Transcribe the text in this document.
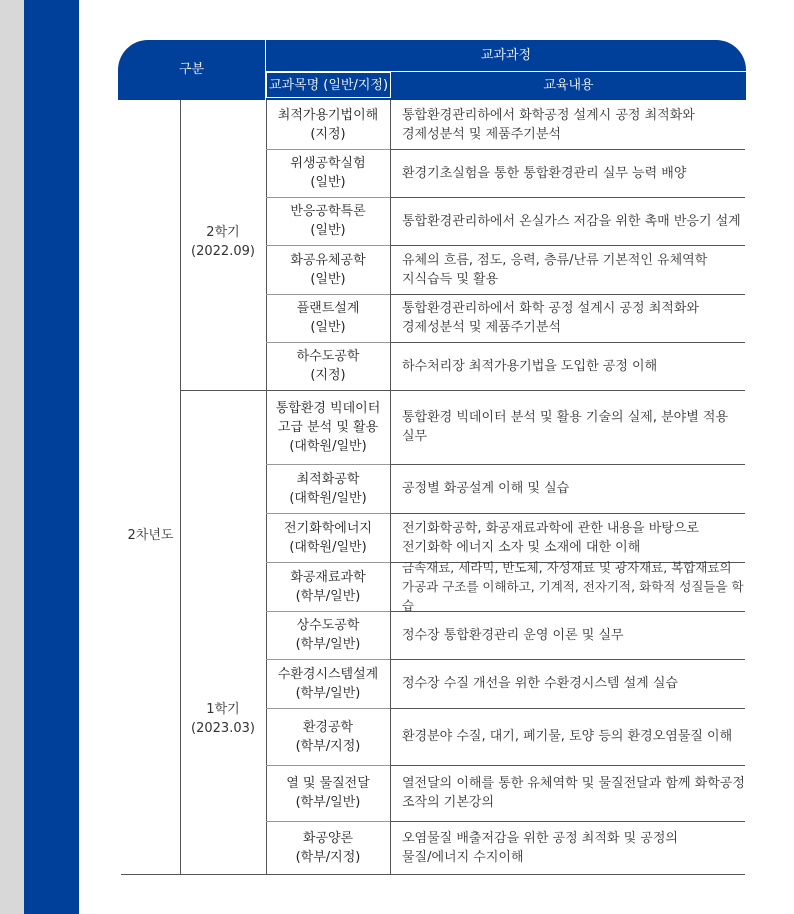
구분
교과과정
교과목명 (일반/지정)	교육내용
2차년도
2학기
(2022.09)
1학기
(2023.03)
최적가용기법이해
(지정)
통합환경관리하에서 화학공정 설계시 공정 최적화와
경제성분석 및 제품주기분석
위생공학실험
(일반)
환경기초실험을 통한 통합환경관리 실무 능력 배양
반응공학특론
(일반)
통합환경관리하에서 온실가스 저감을 위한 촉매 반응기 설계
화공유체공학
(일반)
유체의 흐름, 점도, 응력, 층류/난류 기본적인 유체역학
지식습득 및 활용
플랜트설계
(일반)
통합환경관리하에서 화학 공정 설계시 공정 최적화와
경제성분석 및 제품주기분석
하수도공학
(지정)
하수처리장 최적가용기법을 도입한 공정 이해
통합환경 빅데이터
고급 분석 및 활용
(대학원/일반)
통합환경 빅데이터 분석 및 활용 기술의 실제, 분야별 적용
실무
최적화공학
(대학원/일반)
공정별 화공설계 이해 및 실습
전기화학에너지
(대학원/일반)
전기화학공학, 화공재료과학에 관한 내용을 바탕으로
전기화학 에너지 소자 및 소재에 대한 이해
화공재료과학
(학부/일반)
금속재료, 세라믹, 반도체, 자성재료 및 광자재료, 복합재료의
가공과 구조를 이해하고, 기계적, 전자기적, 화학적 성질들을 학습
상수도공학
(학부/일반)
정수장 통합환경관리 운영 이론 및 실무
수환경시스템설계
(학부/일반)
정수장 수질 개선을 위한 수환경시스템 설계 실습
환경공학
(학부/지정)
환경분야 수질, 대기, 폐기물, 토양 등의 환경오염물질 이해
열 및 물질전달
(학부/일반)
열전달의 이해를 통한 유체역학 및 물질전달과 함께 화학공정
조작의 기본강의
화공양론
(학부/지정)
오염물질 배출저감을 위한 공정 최적화 및 공정의
물질/에너지 수지이해
